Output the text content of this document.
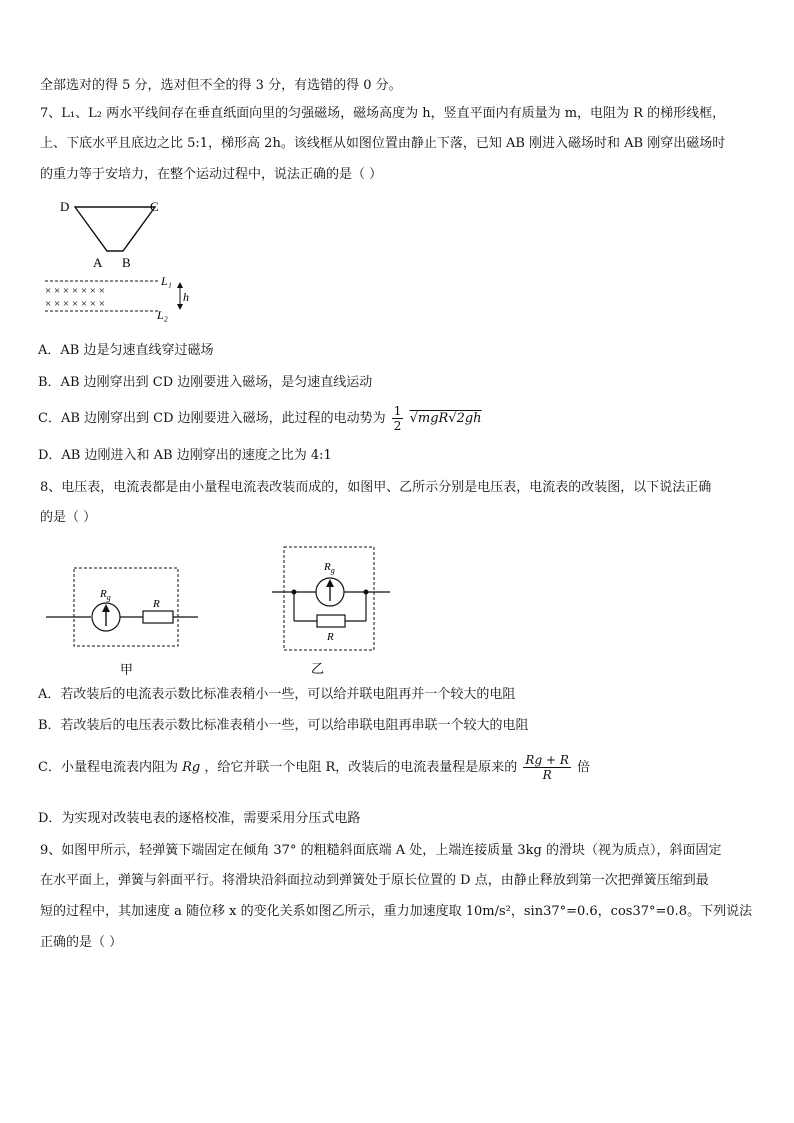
全部选对的得 5 分，选对但不全的得 3 分，有选错的得 0 分。
7、L₁、L₂ 两水平线间存在垂直纸面向里的匀强磁场，磁场高度为 h，竖直平面内有质量为 m，电阻为 R 的梯形线框，
上、下底水平且底边之比 5:1，梯形高 2h。该线框从如图位置由静止下落，已知 AB 刚进入磁场时和 AB 刚穿出磁场时
的重力等于安培力，在整个运动过程中，说法正确的是（ ）
D	C
A B
× × × × × × ×
× × × × × × ×
L₁
L₂
h
A．AB 边是匀速直线穿过磁场
B．AB 边刚穿出到 CD 边刚要进入磁场，是匀速直线运动
C．AB 边刚穿出到 CD 边刚要进入磁场，此过程的电动势为 $\frac{1}{2} √mgR√2gh$
D．AB 边刚进入和 AB 边刚穿出的速度之比为 4:1
8、电压表，电流表都是由小量程电流表改装而成的，如图甲、乙所示分别是电压表，电流表的改装图，以下说法正确
的是（ ）
$R_g$
R
甲
$R_g$
R
乙
A．若改装后的电流表示数比标准表稍小一些，可以给并联电阻再并一个较大的电阻
B．若改装后的电压表示数比标准表稍小一些，可以给串联电阻再串联一个较大的电阻
C．小量程电流表内阻为 Rg ，给它并联一个电阻 R，改装后的电流表量程是原来的 $\frac{Rg + R}{R}$ 倍
D．为实现对改装电表的逐格校准，需要采用分压式电路
9、如图甲所示，轻弹簧下端固定在倾角 37° 的粗糙斜面底端 A 处，上端连接质量 3kg 的滑块（视为质点），斜面固定
在水平面上，弹簧与斜面平行。将滑块沿斜面拉动到弹簧处于原长位置的 D 点，由静止释放到第一次把弹簧压缩到最
短的过程中，其加速度 a 随位移 x 的变化关系如图乙所示，重力加速度取 10m/s²，sin37°=0.6，cos37°=0.8。下列说法
正确的是（ ）
